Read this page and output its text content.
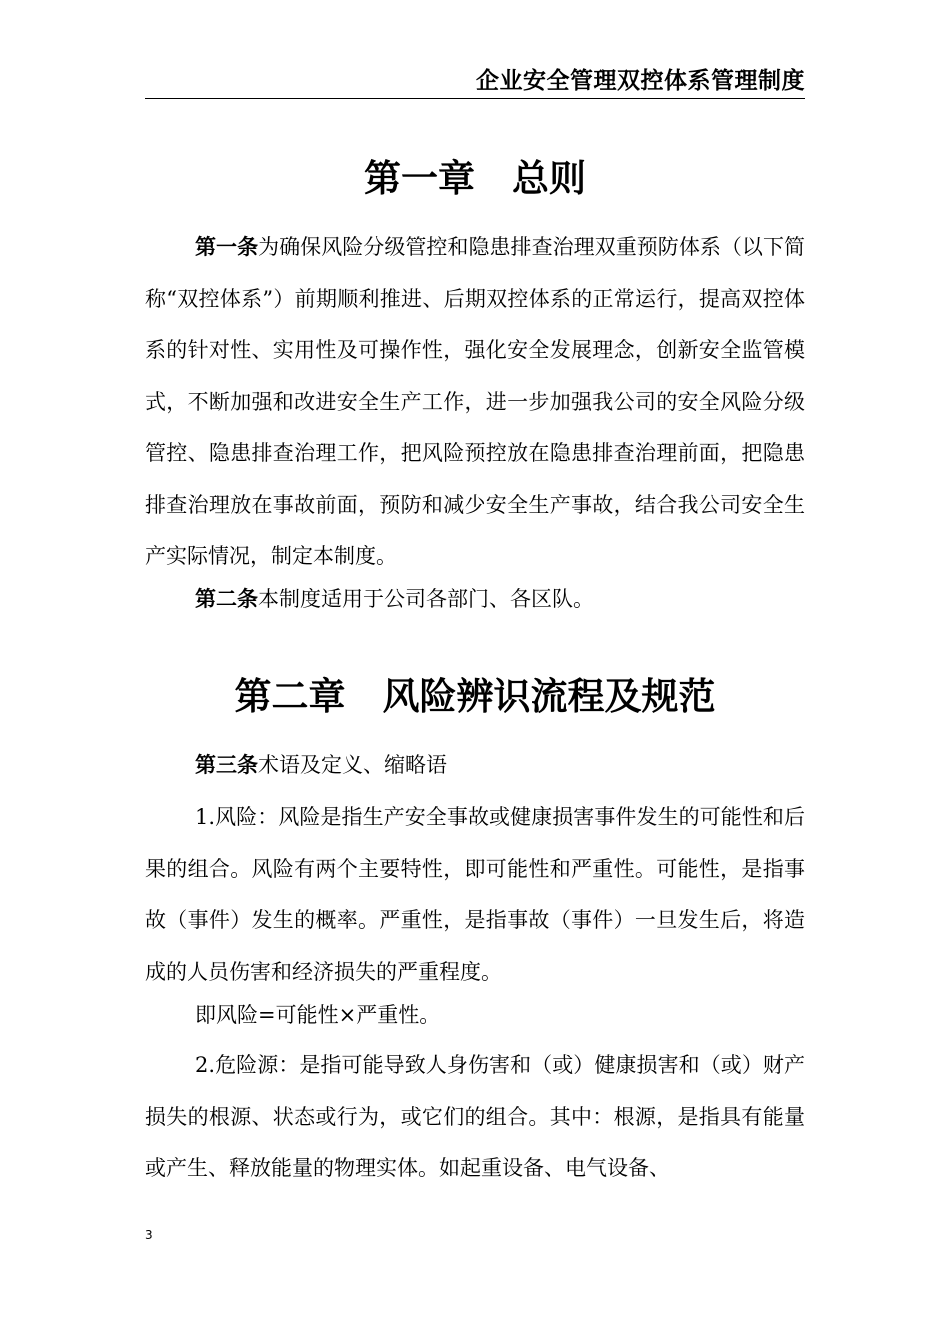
企业安全管理双控体系管理制度
第一章　总则

第一条为确保风险分级管控和隐患排查治理双重预防体系（以下简称“双控体系”）前期顺利推进、后期双控体系的正常运行，提高双控体系的针对性、实用性及可操作性，强化安全发展理念，创新安全监管模式，不断加强和改进安全生产工作，进一步加强我公司的安全风险分级管控、隐患排查治理工作，把风险预控放在隐患排查治理前面，把隐患排查治理放在事故前面，预防和减少安全生产事故，结合我公司安全生产实际情况，制定本制度。

第二条本制度适用于公司各部门、各区队。

第二章　风险辨识流程及规范

第三条术语及定义、缩略语

1.风险：风险是指生产安全事故或健康损害事件发生的可能性和后果的组合。风险有两个主要特性，即可能性和严重性。可能性，是指事故（事件）发生的概率。严重性，是指事故（事件）一旦发生后，将造成的人员伤害和经济损失的严重程度。

即风险=可能性×严重性。

2.危险源：是指可能导致人身伤害和（或）健康损害和（或）财产损失的根源、状态或行为，或它们的组合。其中：根源，是指具有能量或产生、释放能量的物理实体。如起重设备、电气设备、

3
